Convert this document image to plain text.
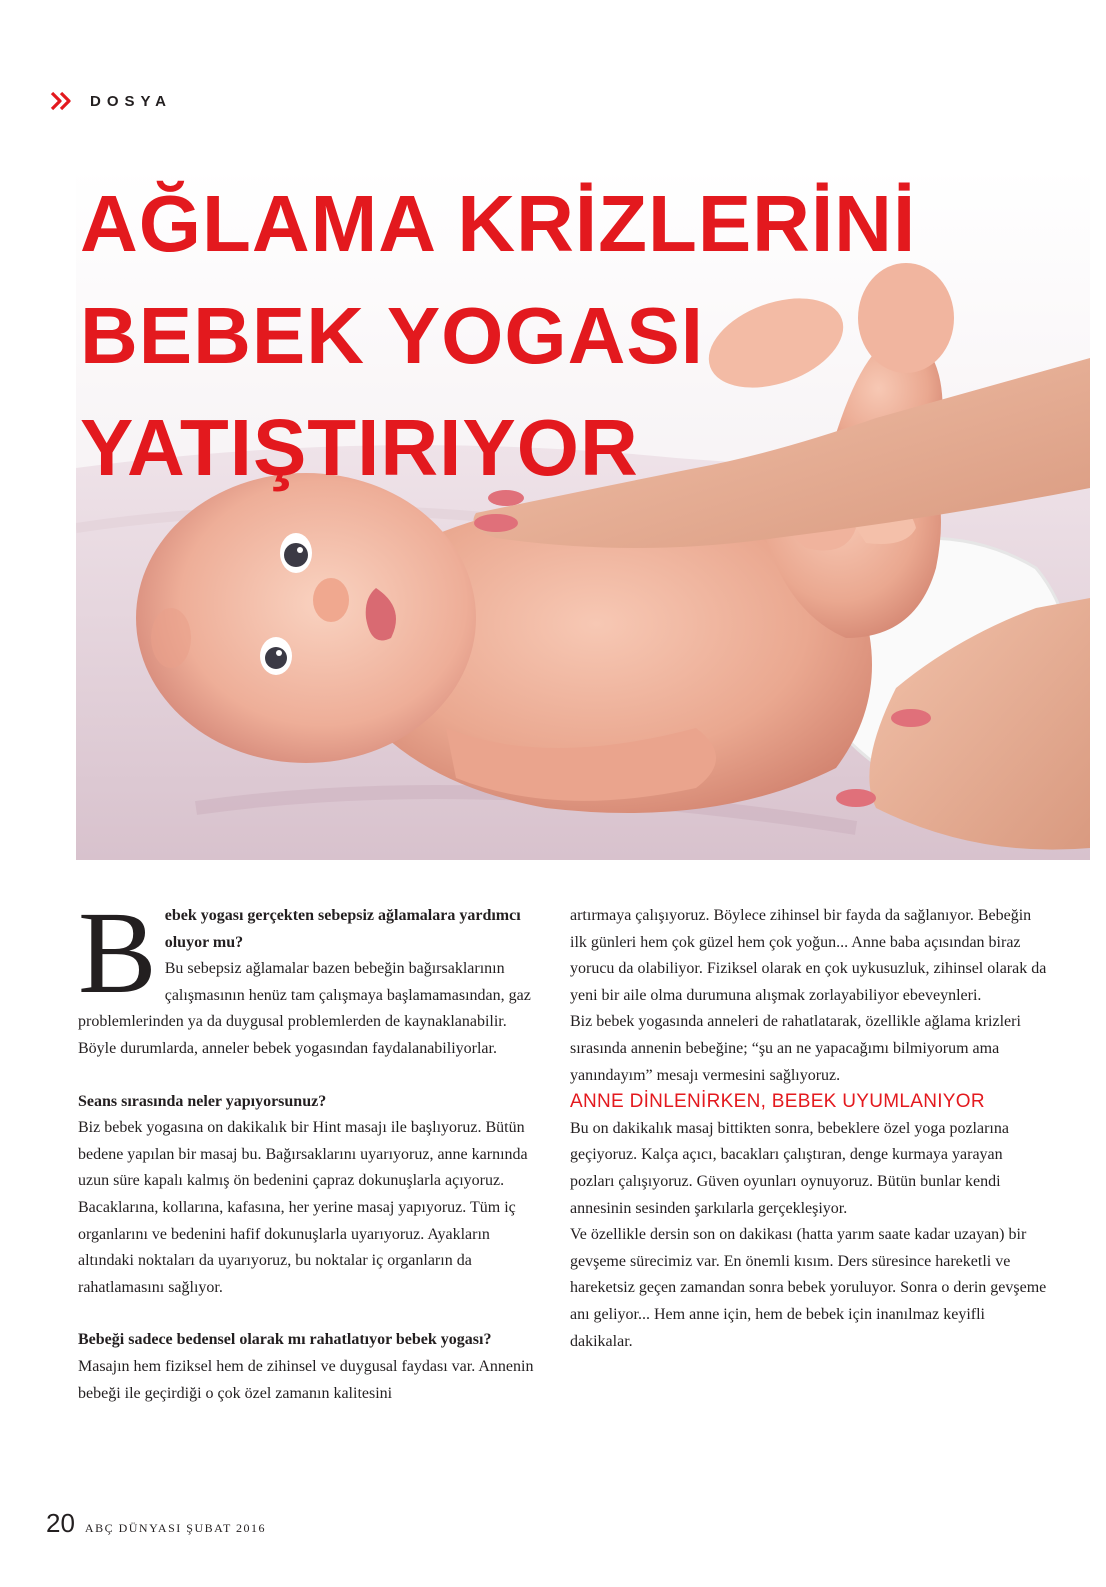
DOSYA
AĞLAMA KRİZLERİNİ
BEBEK YOGASI
YATIŞTIRIYOR

B ebek yogası gerçekten sebepsiz ağlamalara yardımcı oluyor mu?
Bu sebepsiz ağlamalar bazen bebeğin bağırsaklarının çalışmasının henüz tam çalışmaya başlamamasından, gaz problemlerinden ya da duygusal problemlerden de kaynaklanabilir. Böyle durumlarda, anneler bebek yogasından faydalanabiliyorlar.

Seans sırasında neler yapıyorsunuz?

Biz bebek yogasına on dakikalık bir Hint masajı ile başlıyoruz. Bütün bedene yapılan bir masaj bu. Bağırsaklarını uyarıyoruz, anne karnında uzun süre kapalı kalmış ön bedenini çapraz dokunuşlarla açıyoruz. Bacaklarına, kollarına, kafasına, her yerine masaj yapıyoruz. Tüm iç organlarını ve bedenini hafif dokunuşlarla uyarıyoruz. Ayakların altındaki noktaları da uyarıyoruz, bu noktalar iç organların da rahatlamasını sağlıyor.

Bebeği sadece bedensel olarak mı rahatlatıyor bebek yogası?

Masajın hem fiziksel hem de zihinsel ve duygusal faydası var. Annenin bebeği ile geçirdiği o çok özel zamanın kalitesini

artırmaya çalışıyoruz. Böylece zihinsel bir fayda da sağlanıyor. Bebeğin ilk günleri hem çok güzel hem çok yoğun... Anne baba açısından biraz yorucu da olabiliyor. Fiziksel olarak en çok uykusuzluk, zihinsel olarak da yeni bir aile olma durumuna alışmak zorlayabiliyor ebeveynleri.

Biz bebek yogasında anneleri de rahatlatarak, özellikle ağlama krizleri sırasında annenin bebeğine; “şu an ne yapacağımı bilmiyorum ama yanındayım” mesajı vermesini sağlıyoruz.

ANNE DİNLENİRKEN, BEBEK UYUMLANIYOR

Bu on dakikalık masaj bittikten sonra, bebeklere özel yoga pozlarına geçiyoruz. Kalça açıcı, bacakları çalıştıran, denge kurmaya yarayan pozları çalışıyoruz. Güven oyunları oynuyoruz. Bütün bunlar kendi annesinin sesinden şarkılarla gerçekleşiyor.

Ve özellikle dersin son on dakikası (hatta yarım saate kadar uzayan) bir gevşeme sürecimiz var. En önemli kısım. Ders süresince hareketli ve hareketsiz geçen zamandan sonra bebek yoruluyor. Sonra o derin gevşeme anı geliyor... Hem anne için, hem de bebek için inanılmaz keyifli dakikalar.

20 ABÇ DÜNYASI ŞUBAT 2016
